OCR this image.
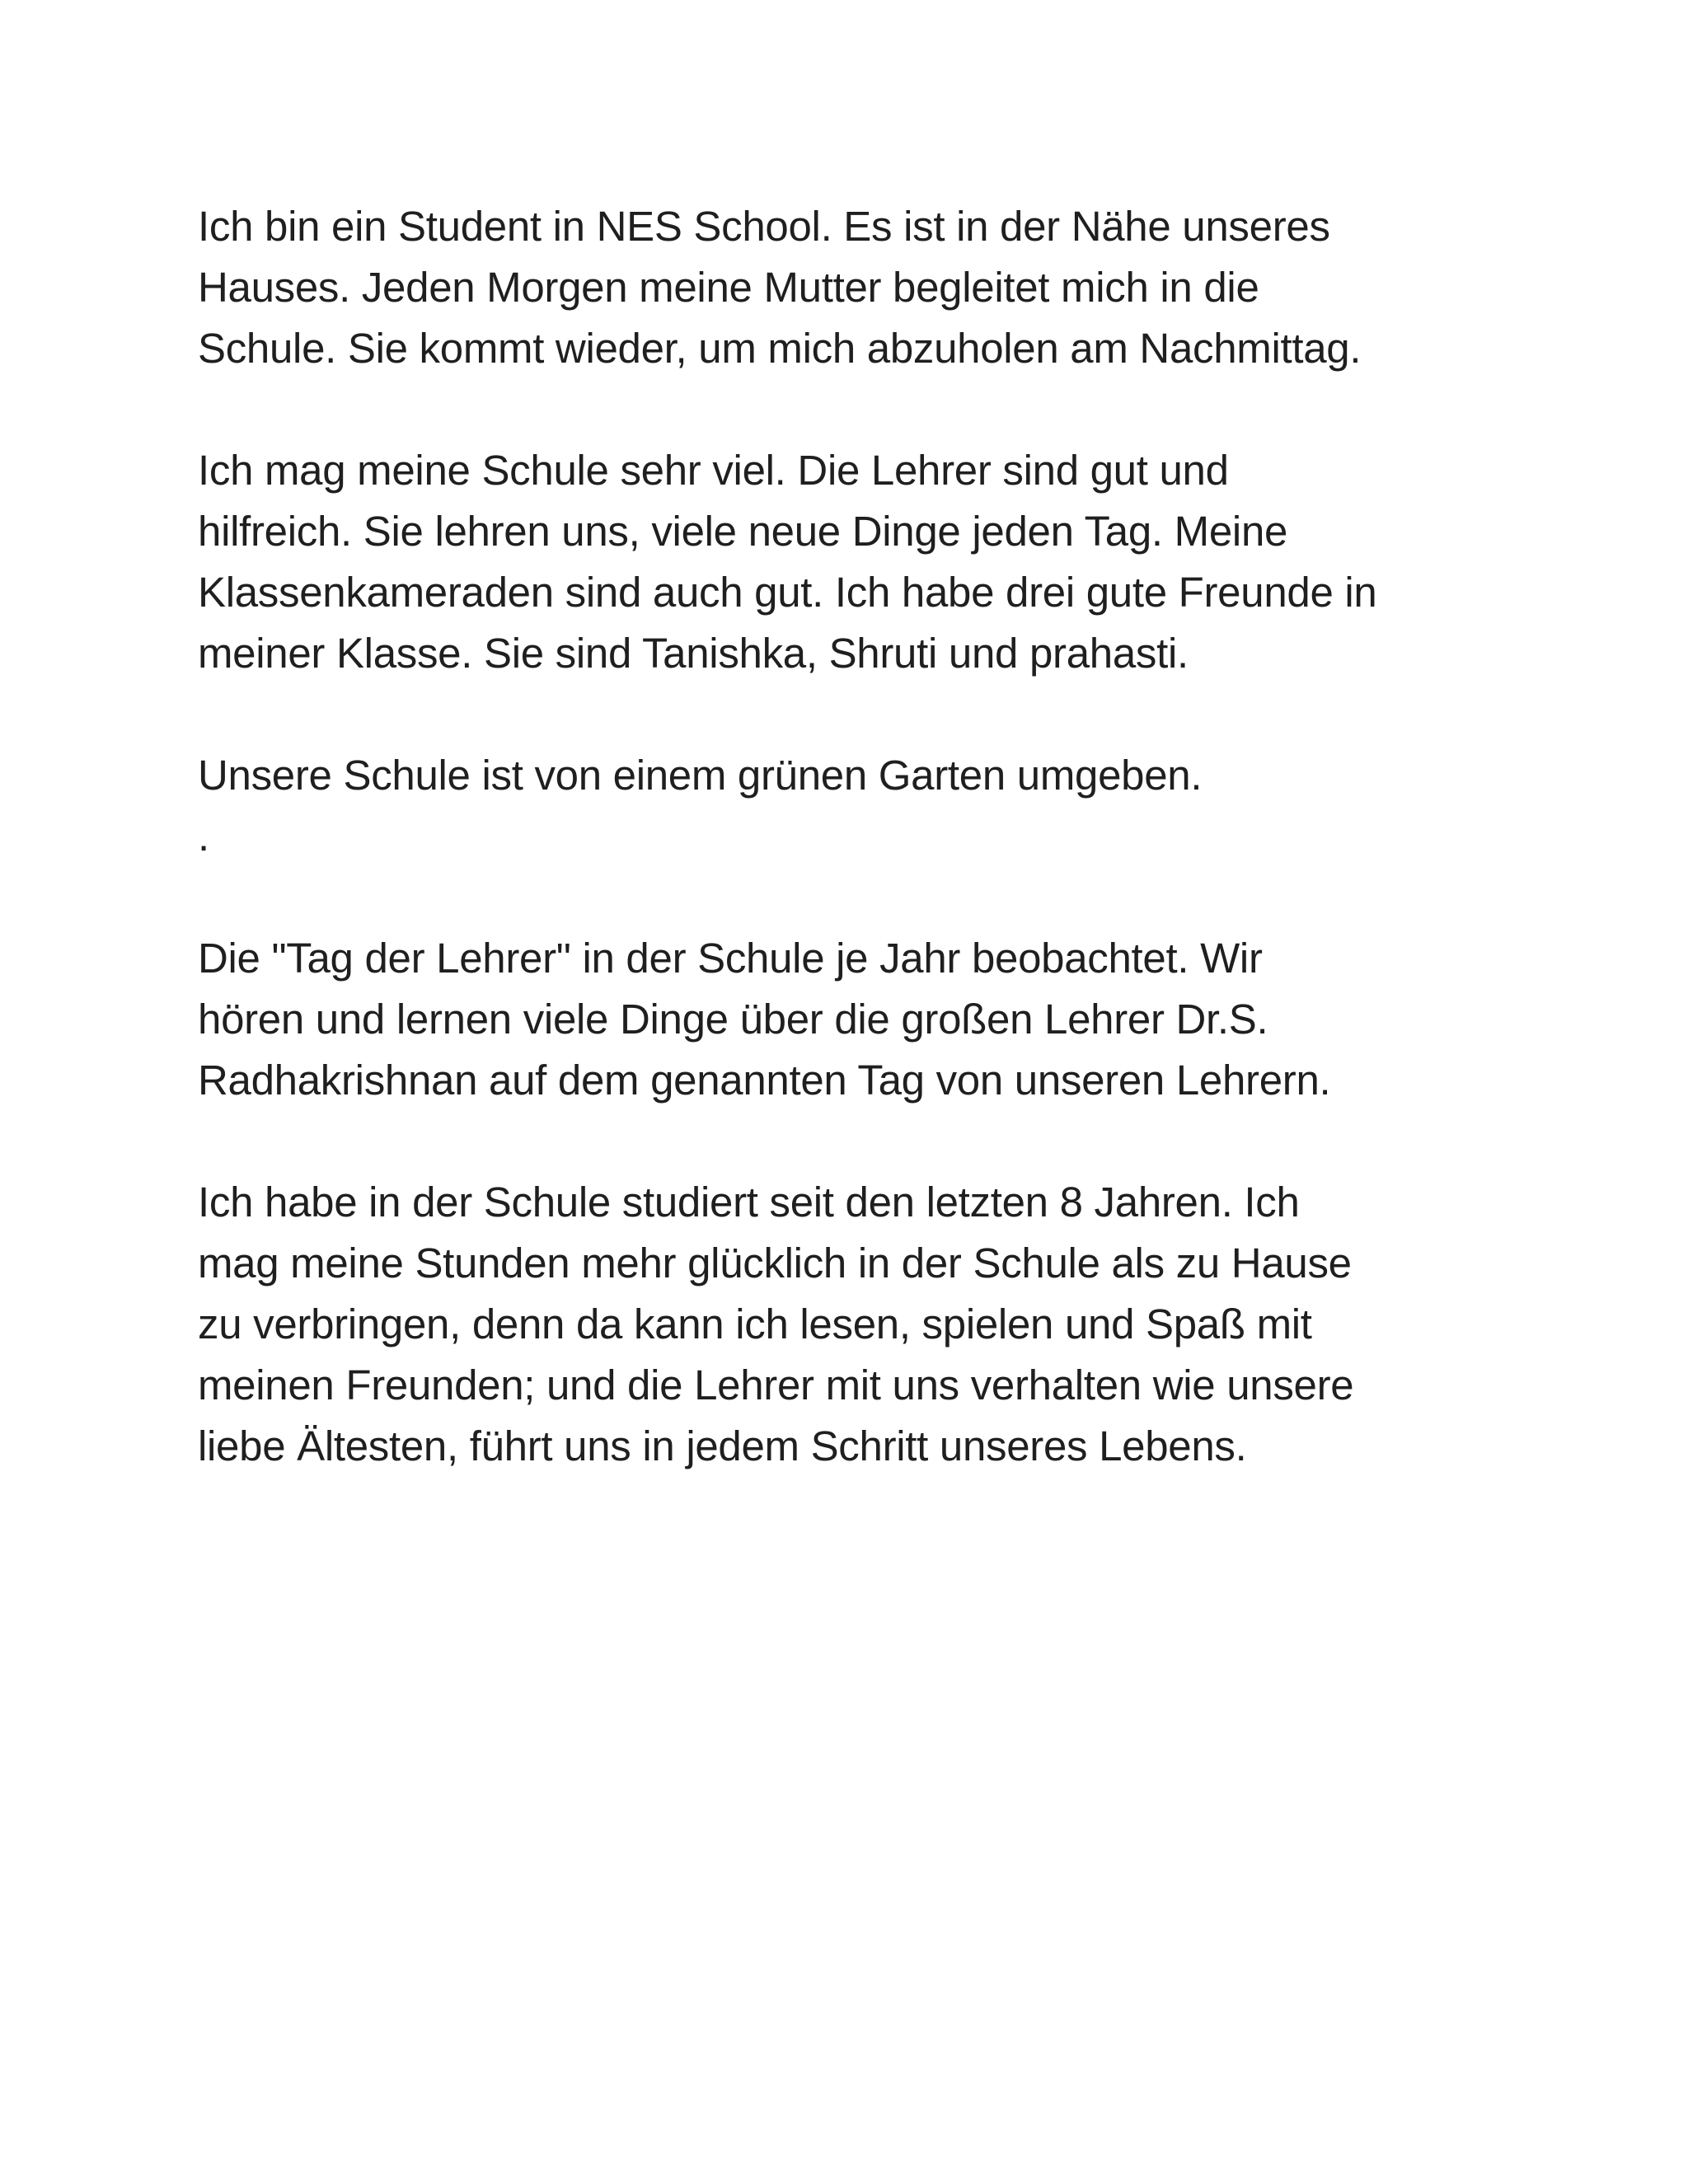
Ich bin ein Student in NES School. Es ist in der Nähe unseres
Hauses. Jeden Morgen meine Mutter begleitet mich in die
Schule. Sie kommt wieder, um mich abzuholen am Nachmittag.

Ich mag meine Schule sehr viel. Die Lehrer sind gut und
hilfreich. Sie lehren uns, viele neue Dinge jeden Tag. Meine
Klassenkameraden sind auch gut. Ich habe drei gute Freunde in
meiner Klasse. Sie sind Tanishka, Shruti und prahasti.

Unsere Schule ist von einem grünen Garten umgeben.
.

Die "Tag der Lehrer" in der Schule je Jahr beobachtet. Wir
hören und lernen viele Dinge über die großen Lehrer Dr.S.
Radhakrishnan auf dem genannten Tag von unseren Lehrern.

Ich habe in der Schule studiert seit den letzten 8 Jahren. Ich
mag meine Stunden mehr glücklich in der Schule als zu Hause
zu verbringen, denn da kann ich lesen, spielen und Spaß mit
meinen Freunden; und die Lehrer mit uns verhalten wie unsere
liebe Ältesten, führt uns in jedem Schritt unseres Lebens.
